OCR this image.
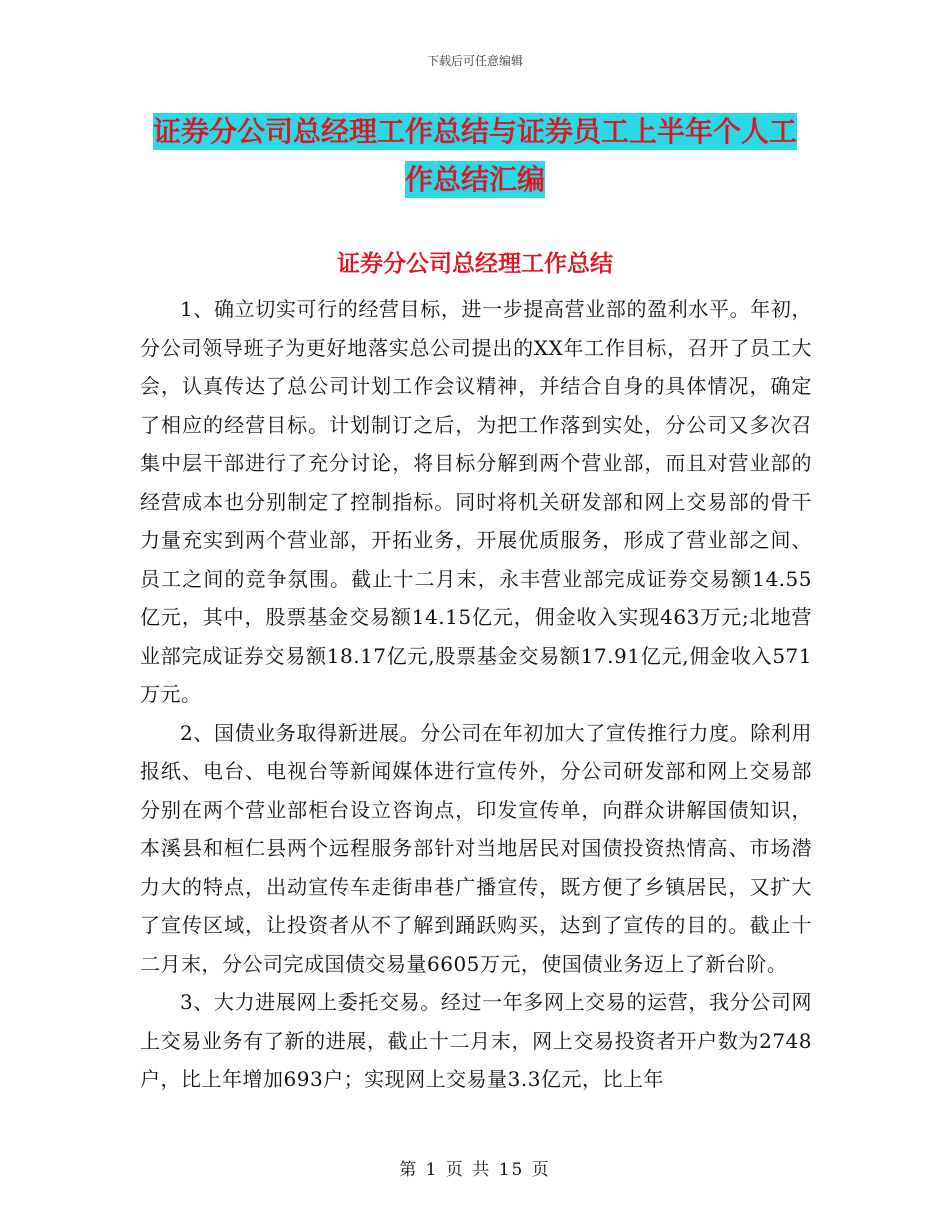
下载后可任意编辑
证券分公司总经理工作总结与证券员工上半年个人工
作总结汇编
证券分公司总经理工作总结

1、确立切实可行的经营目标，进一步提高营业部的盈利水平。年初，分公司领导班子为更好地落实总公司提出的XX年工作目标，召开了员工大会，认真传达了总公司计划工作会议精神，并结合自身的具体情况，确定了相应的经营目标。计划制订之后，为把工作落到实处，分公司又多次召集中层干部进行了充分讨论，将目标分解到两个营业部，而且对营业部的经营成本也分别制定了控制指标。同时将机关研发部和网上交易部的骨干力量充实到两个营业部，开拓业务，开展优质服务，形成了营业部之间、员工之间的竞争氛围。截止十二月末，永丰营业部完成证券交易额14.55亿元，其中，股票基金交易额14.15亿元，佣金收入实现463万元;北地营业部完成证券交易额18.17亿元,股票基金交易额17.91亿元,佣金收入571万元。

2、国债业务取得新进展。分公司在年初加大了宣传推行力度。除利用报纸、电台、电视台等新闻媒体进行宣传外，分公司研发部和网上交易部分别在两个营业部柜台设立咨询点，印发宣传单，向群众讲解国债知识，本溪县和桓仁县两个远程服务部针对当地居民对国债投资热情高、市场潜力大的特点，出动宣传车走街串巷广播宣传，既方便了乡镇居民，又扩大了宣传区域，让投资者从不了解到踊跃购买，达到了宣传的目的。截止十二月末，分公司完成国债交易量6605万元，使国债业务迈上了新台阶。

3、大力进展网上委托交易。经过一年多网上交易的运营，我分公司网上交易业务有了新的进展，截止十二月末，网上交易投资者开户数为2748户，比上年增加693户；实现网上交易量3.3亿元，比上年

第 1 页 共 15 页
